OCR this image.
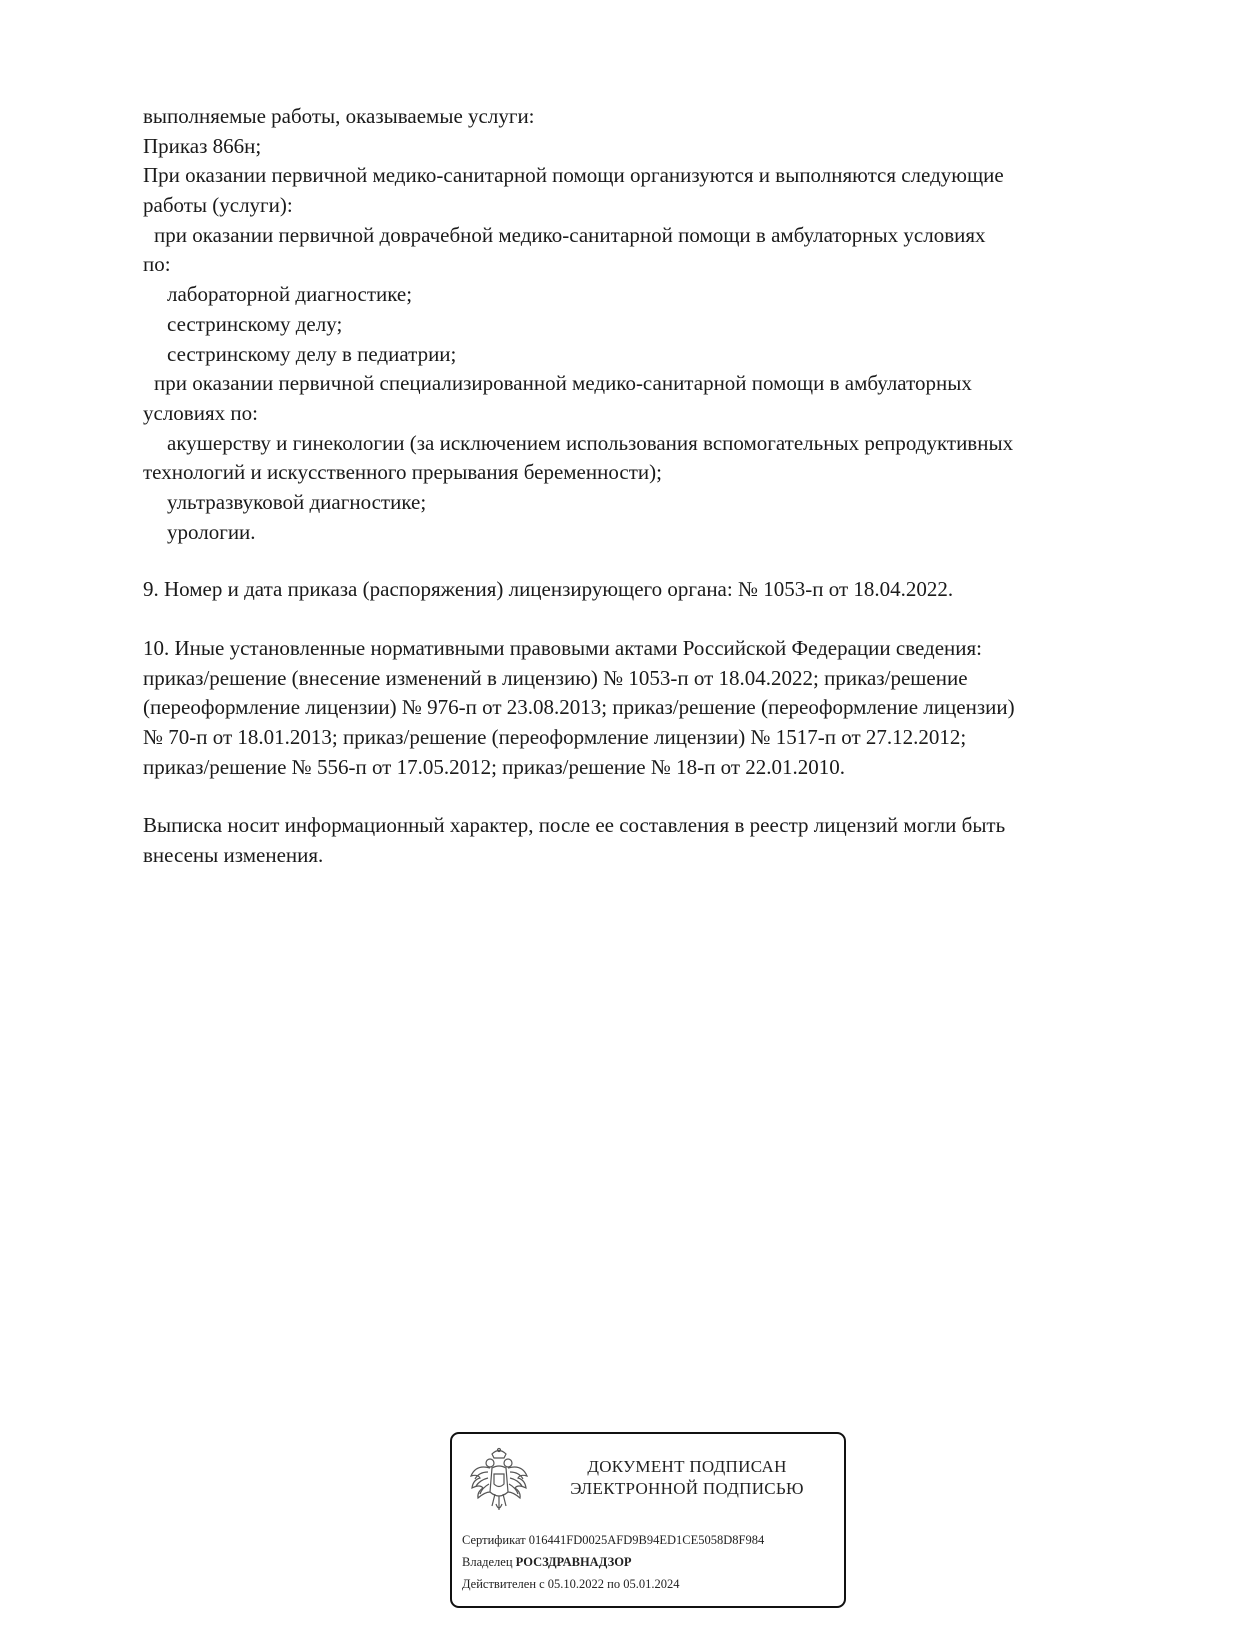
выполняемые работы, оказываемые услуги:
Приказ 866н;
При оказании первичной медико-санитарной помощи организуются и выполняются следующие
работы (услуги):
при оказании первичной доврачебной медико-санитарной помощи в амбулаторных условиях
по:
лабораторной диагностике;
сестринскому делу;
сестринскому делу в педиатрии;
при оказании первичной специализированной медико-санитарной помощи в амбулаторных
условиях по:
акушерству и гинекологии (за исключением использования вспомогательных репродуктивных
технологий и искусственного прерывания беременности);
ультразвуковой диагностике;
урологии.
9. Номер и дата приказа (распоряжения) лицензирующего органа: № 1053-п от 18.04.2022.
10. Иные установленные нормативными правовыми актами Российской Федерации сведения:
приказ/решение (внесение изменений в лицензию) № 1053-п от 18.04.2022; приказ/решение
(переоформление лицензии) № 976-п от 23.08.2013; приказ/решение (переоформление лицензии)
№ 70-п от 18.01.2013; приказ/решение (переоформление лицензии) № 1517-п от 27.12.2012;
приказ/решение № 556-п от 17.05.2012; приказ/решение № 18-п от 22.01.2010.
Выписка носит информационный характер, после ее составления в реестр лицензий могли быть
внесены изменения.
ДОКУМЕНТ ПОДПИСАН
ЭЛЕКТРОННОЙ ПОДПИСЬЮ
Сертификат 016441FD0025AFD9B94ED1CE5058D8F984
Владелец РОСЗДРАВНАДЗОР
Действителен с 05.10.2022 по 05.01.2024
